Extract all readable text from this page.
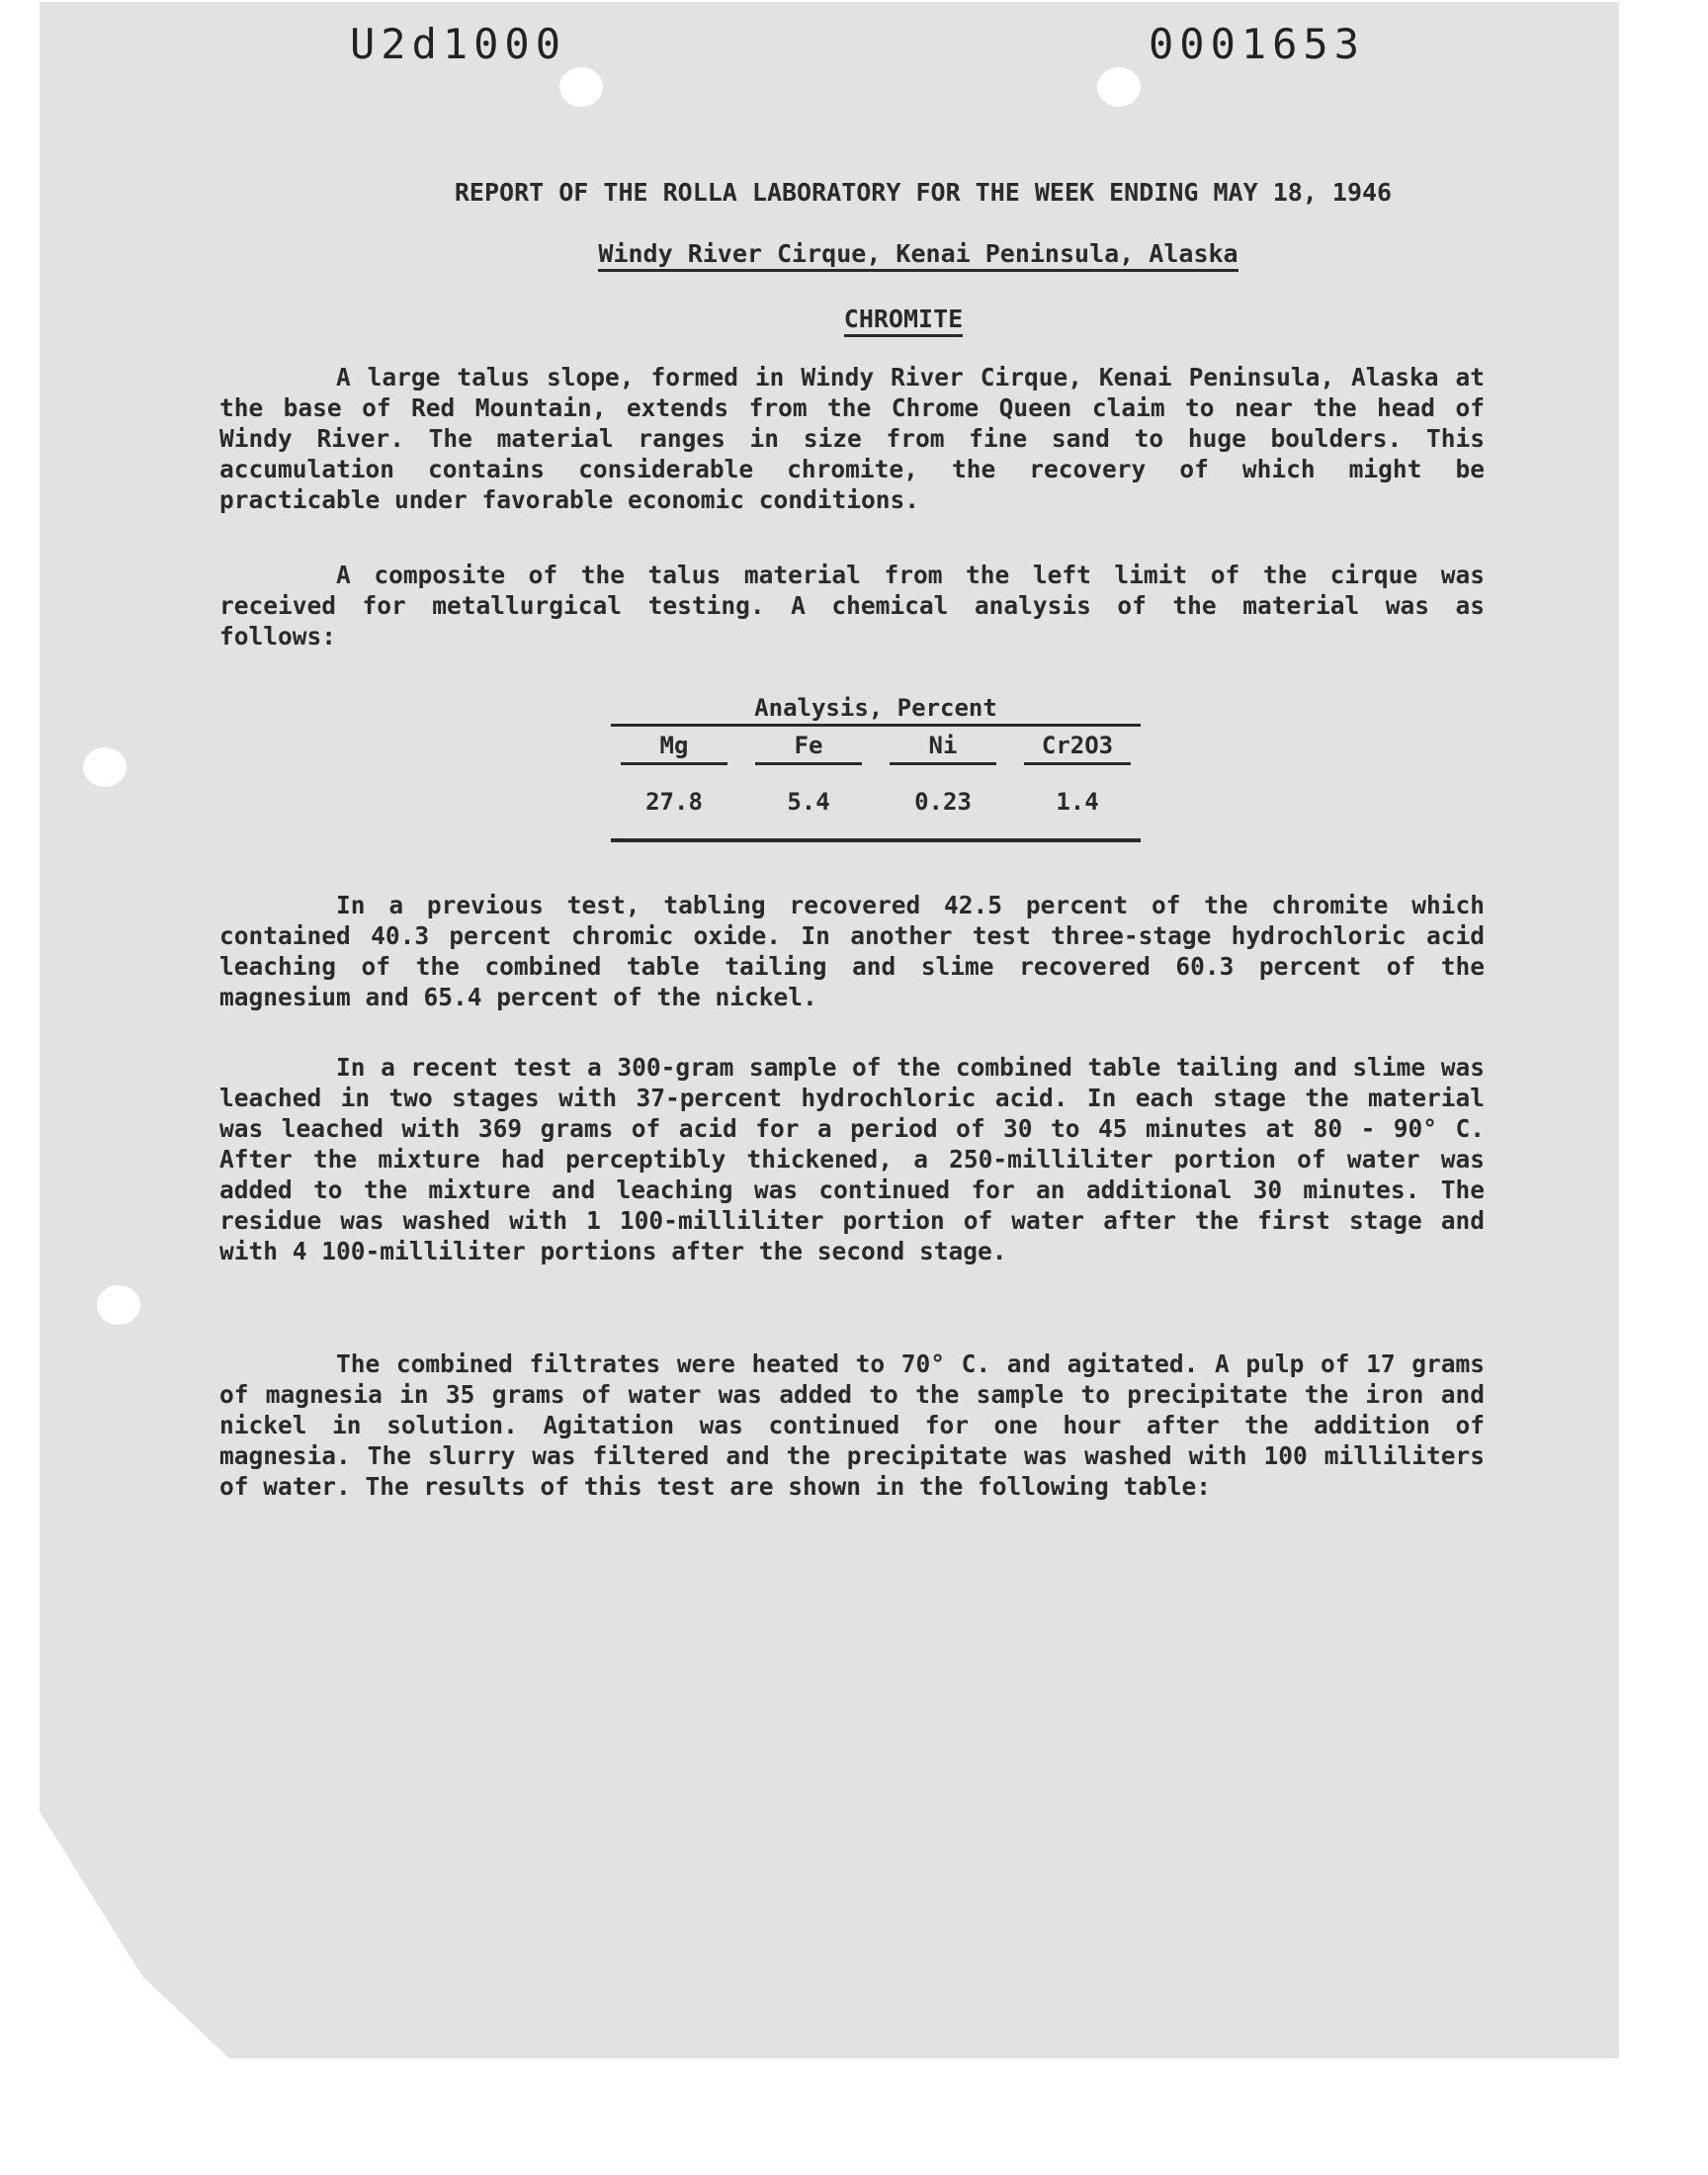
U2d1000	0001653
REPORT OF THE ROLLA LABORATORY FOR THE WEEK ENDING MAY 18, 1946
Windy River Cirque, Kenai Peninsula, Alaska
CHROMITE

A large talus slope, formed in Windy River Cirque, Kenai Peninsula, Alaska at the base of Red Mountain, extends from the Chrome Queen claim to near the head of Windy River. The material ranges in size from fine sand to huge boulders. This accumulation contains considerable chromite, the recovery of which might be practicable under favorable economic conditions.

A composite of the talus material from the left limit of the cirque was received for metallurgical testing. A chemical analysis of the material was as follows:

Analysis, Percent
Mg
27.8
Fe
5.4
Ni
0.23
Cr2O3
1.4

In a previous test, tabling recovered 42.5 percent of the chromite which contained 40.3 percent chromic oxide. In another test three-stage hydrochloric acid leaching of the combined table tailing and slime recovered 60.3 percent of the magnesium and 65.4 percent of the nickel.

In a recent test a 300-gram sample of the combined table tailing and slime was leached in two stages with 37-percent hydrochloric acid. In each stage the material was leached with 369 grams of acid for a period of 30 to 45 minutes at 80 - 90° C. After the mixture had perceptibly thickened, a 250-milliliter portion of water was added to the mixture and leaching was continued for an additional 30 minutes. The residue was washed with 1 100-milliliter portion of water after the first stage and with 4 100-milliliter portions after the second stage.

The combined filtrates were heated to 70° C. and agitated. A pulp of 17 grams of magnesia in 35 grams of water was added to the sample to precipitate the iron and nickel in solution. Agitation was continued for one hour after the addition of magnesia. The slurry was filtered and the precipitate was washed with 100 milliliters of water. The results of this test are shown in the following table:
